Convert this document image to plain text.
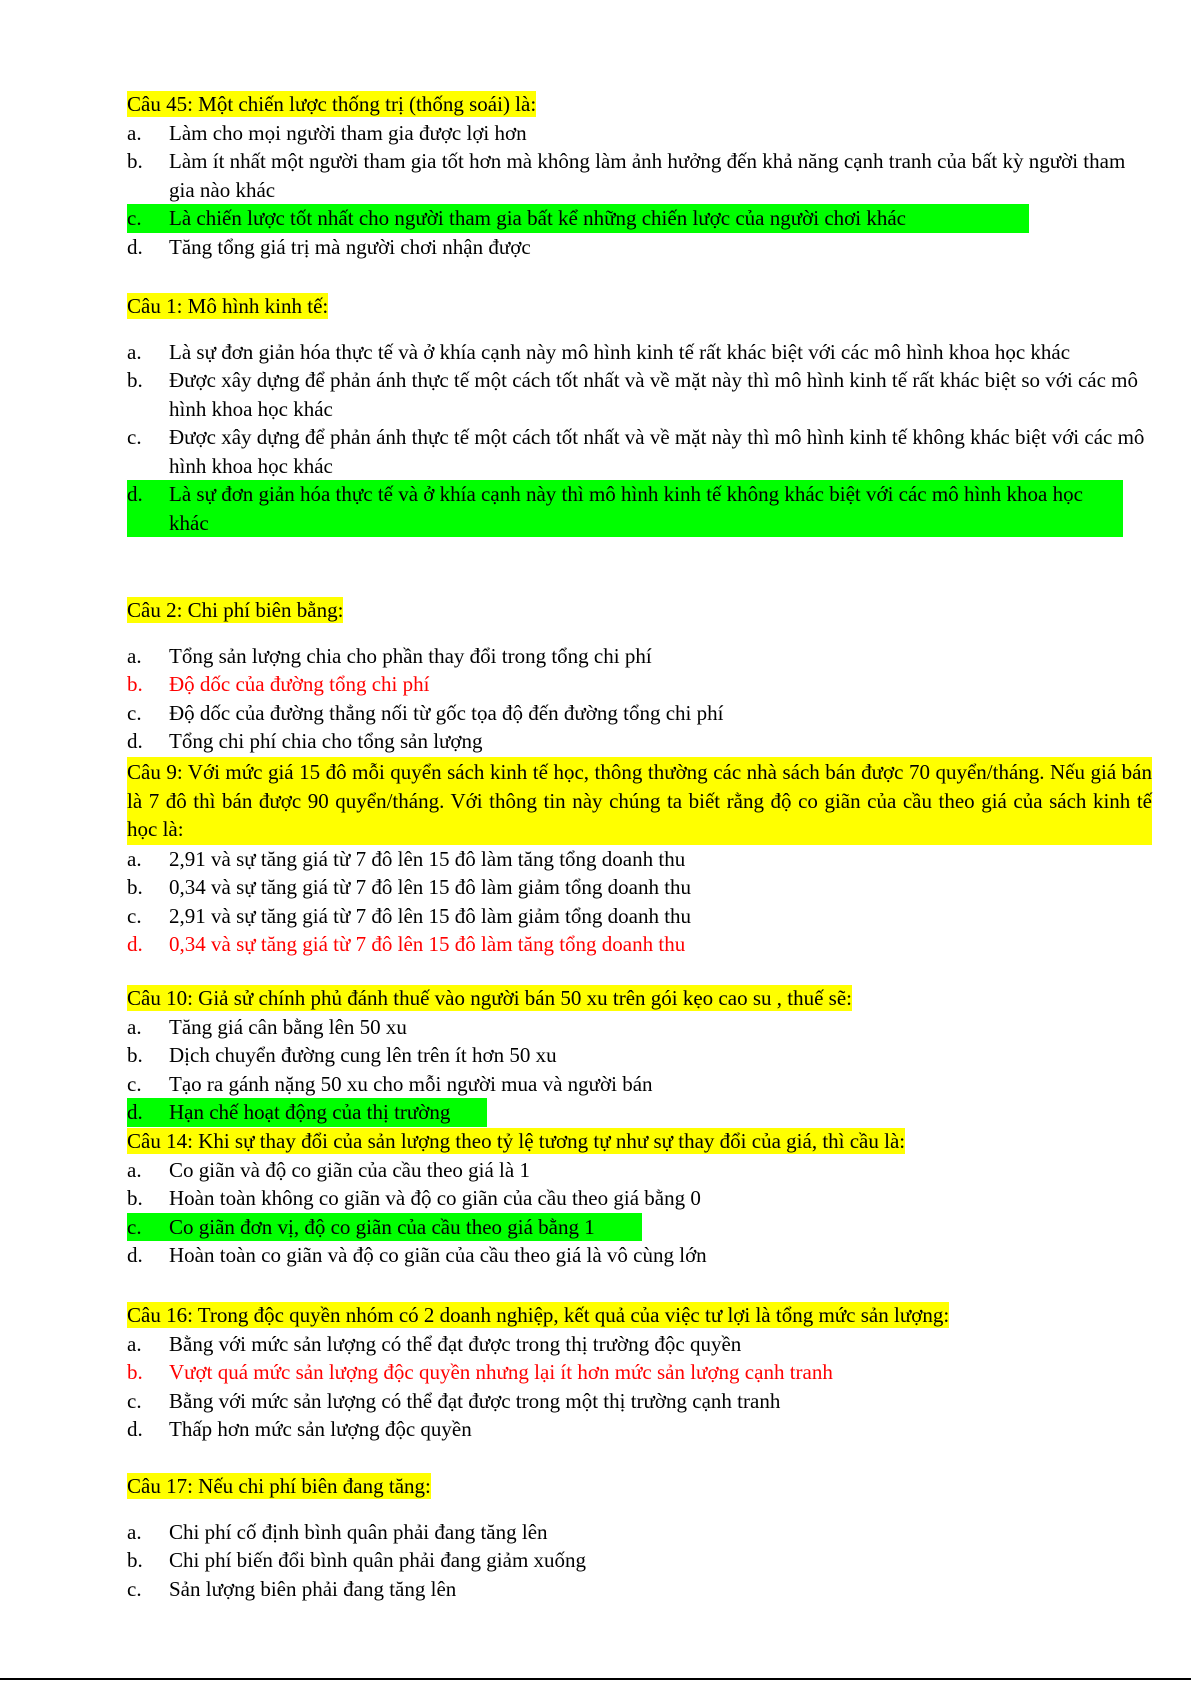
Câu 45: Một chiến lược thống trị (thống soái) là:
a.	Làm cho mọi người tham gia được lợi hơn
b.	Làm ít nhất một người tham gia tốt hơn mà không làm ảnh hưởng đến khả năng cạnh tranh của bất kỳ người tham gia nào khác
c.	Là chiến lược tốt nhất cho người tham gia bất kể những chiến lược của người chơi khác
d.	Tăng tổng giá trị mà người chơi nhận được
Câu 1: Mô hình kinh tế:
a.	Là sự đơn giản hóa thực tế và ở khía cạnh này mô hình kinh tế rất khác biệt với các mô hình khoa học khác
b.	Được xây dựng để phản ánh thực tế một cách tốt nhất và về mặt này thì mô hình kinh tế rất khác biệt so với các mô hình khoa học khác
c.	Được xây dựng để phản ánh thực tế một cách tốt nhất và về mặt này thì mô hình kinh tế không khác biệt với các mô hình khoa học khác
d.	Là sự đơn giản hóa thực tế và ở khía cạnh này thì mô hình kinh tế không khác biệt với các mô hình khoa học khác
Câu 2: Chi phí biên bằng:
a.	Tổng sản lượng chia cho phần thay đổi trong tổng chi phí
b.	Độ dốc của đường tổng chi phí
c.	Độ dốc của đường thẳng nối từ gốc tọa độ đến đường tổng chi phí
d.	Tổng chi phí chia cho tổng sản lượng
Câu 9: Với mức giá 15 đô mỗi quyển sách kinh tế học, thông thường các nhà sách bán được 70 quyển/tháng. Nếu giá bán là 7 đô thì bán được 90 quyển/tháng. Với thông tin này chúng ta biết rằng độ co giãn của cầu theo giá của sách kinh tế học là:
a.	2,91 và sự tăng giá từ 7 đô lên 15 đô làm tăng tổng doanh thu
b.	0,34 và sự tăng giá từ 7 đô lên 15 đô làm giảm tổng doanh thu
c.	2,91 và sự tăng giá từ 7 đô lên 15 đô làm giảm tổng doanh thu
d.	0,34 và sự tăng giá từ 7 đô lên 15 đô làm tăng tổng doanh thu
Câu 10: Giả sử chính phủ đánh thuế vào người bán 50 xu trên gói kẹo cao su , thuế sẽ:
a.	Tăng giá cân bằng lên 50 xu
b.	Dịch chuyển đường cung lên trên ít hơn 50 xu
c.	Tạo ra gánh nặng 50 xu cho mỗi người mua và người bán
d.	Hạn chế hoạt động của thị trường
Câu 14: Khi sự thay đổi của sản lượng theo tỷ lệ tương tự như sự thay đổi của giá, thì cầu là:
a.	Co giãn và độ co giãn của cầu theo giá là 1
b.	Hoàn toàn không co giãn và độ co giãn của cầu theo giá bằng 0
c.	Co giãn đơn vị, độ co giãn của cầu theo giá bằng 1
d.	Hoàn toàn co giãn và độ co giãn của cầu theo giá là vô cùng lớn
Câu 16: Trong độc quyền nhóm có 2 doanh nghiệp, kết quả của việc tư lợi là tổng mức sản lượng:
a.	Bằng với mức sản lượng có thể đạt được trong thị trường độc quyền
b.	Vượt quá mức sản lượng độc quyền nhưng lại ít hơn mức sản lượng cạnh tranh
c.	Bằng với mức sản lượng có thể đạt được trong một thị trường cạnh tranh
d.	Thấp hơn mức sản lượng độc quyền
Câu 17: Nếu chi phí biên đang tăng:
a.	Chi phí cố định bình quân phải đang tăng lên
b.	Chi phí biến đổi bình quân phải đang giảm xuống
c.	Sản lượng biên phải đang tăng lên
